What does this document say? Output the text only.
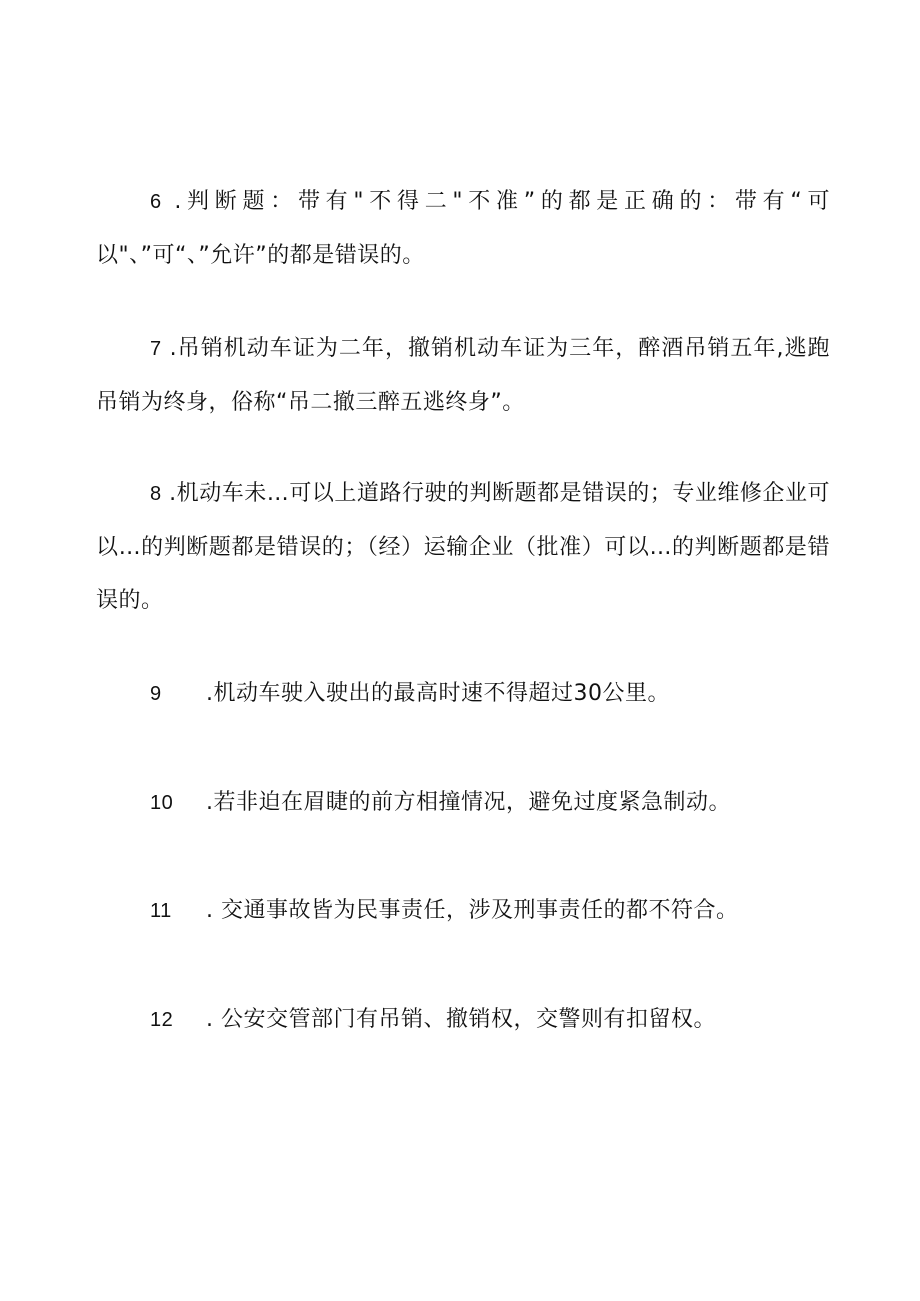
6 .判断题：带有"不得二"不准”的都是正确的：带有“可以"、”可“、”允许”的都是错误的。
7 .吊销机动车证为二年，撤销机动车证为三年，醉酒吊销五年,逃跑吊销为终身，俗称“吊二撤三醉五逃终身”。
8 .机动车未…可以上道路行驶的判断题都是错误的；专业维修企业可以…的判断题都是错误的；（经）运输企业（批准）可以…的判断题都是错误的。
9 .机动车驶入驶出的最高时速不得超过30公里。
10 .若非迫在眉睫的前方相撞情况，避免过度紧急制动。
11 . 交通事故皆为民事责任，涉及刑事责任的都不符合。
12 . 公安交管部门有吊销、撤销权，交警则有扣留权。
